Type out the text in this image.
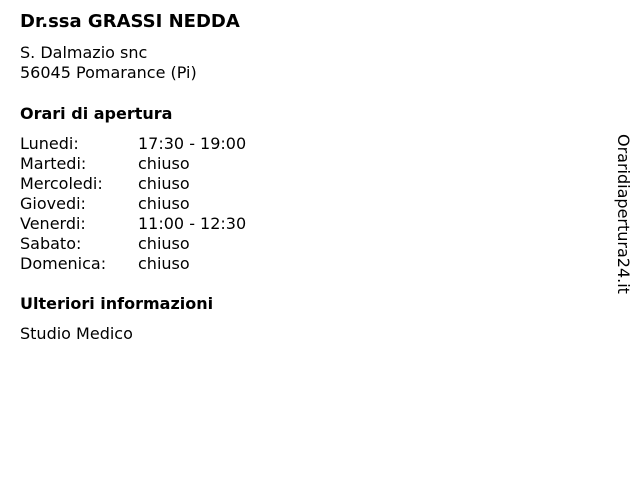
Dr.ssa GRASSI NEDDA
S. Dalmazio snc
56045 Pomarance (Pi)
Orari di apertura
Lunedi:	17:30 - 19:00
Martedi:	chiuso
Mercoledi:	chiuso
Giovedi:	chiuso
Venerdi:	11:00 - 12:30
Sabato:	chiuso
Domenica:	chiuso
Ulteriori informazioni
Studio Medico
Oraridiapertura24.it
